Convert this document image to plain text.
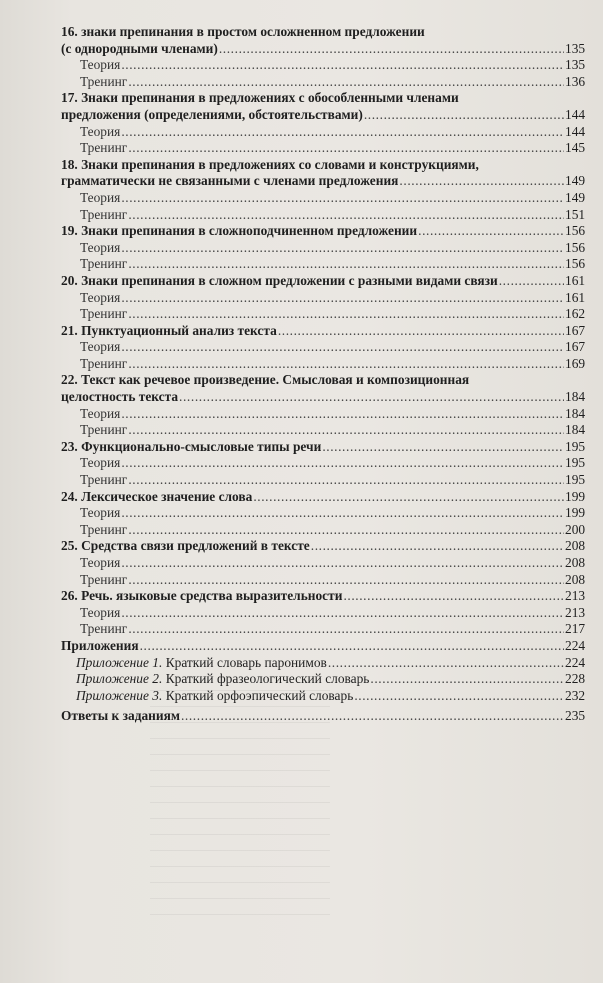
16. знаки препинания в простом осложненном предложении
(с однородными членами) .....	135
Теория .....	135
Тренинг .....	136
17. Знаки препинания в предложениях с обособленными членами
предложения (определениями, обстоятельствами) .....	144
Теория .....	144
Тренинг .....	145
18. Знаки препинания в предложениях со словами и конструкциями,
грамматически не связанными с членами предложения .....	149
Теория .....	149
Тренинг .....	151
19. Знаки препинания в сложноподчиненном предложении .....	156
Теория .....	156
Тренинг .....	156
20. Знаки препинания в сложном предложении с разными видами связи .....	161
Теория .....	161
Тренинг .....	162
21. Пунктуационный анализ текста .....	167
Теория .....	167
Тренинг .....	169
22. Текст как речевое произведение. Смысловая и композиционная
целостность текста .....	184
Теория .....	184
Тренинг .....	184
23. Функционально-смысловые типы речи .....	195
Теория .....	195
Тренинг .....	195
24. Лексическое значение слова .....	199
Теория .....	199
Тренинг .....	200
25. Средства связи предложений в тексте .....	208
Теория .....	208
Тренинг .....	208
26. Речь. языковые средства выразительности .....	213
Теория .....	213
Тренинг .....	217
Приложения .....	224
Приложение 1. Краткий словарь паронимов .....	224
Приложение 2. Краткий фразеологический словарь .....	228
Приложение 3. Краткий орфоэпический словарь .....	232
Ответы к заданиям .....	235
